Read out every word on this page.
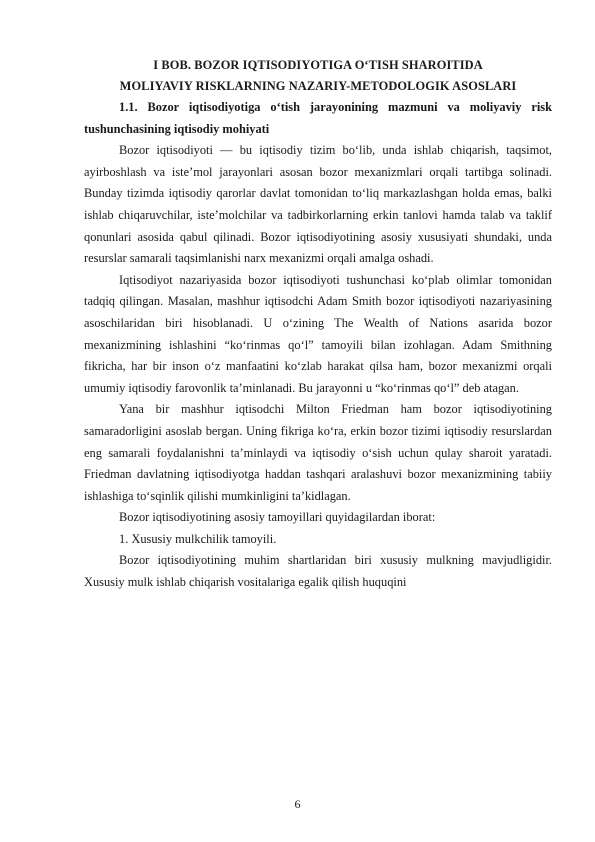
I BOB. BOZOR IQTISODIYOTIGA O‘TISH SHAROITIDA

MOLIYAVIY RISKLARNING NAZARIY-METODOLOGIK ASOSLARI

1.1. Bozor iqtisodiyotiga o‘tish jarayonining mazmuni va moliyaviy risk tushunchasining iqtisodiy mohiyati

Bozor iqtisodiyoti — bu iqtisodiy tizim bo‘lib, unda ishlab chiqarish, taqsimot, ayirboshlash va iste’mol jarayonlari asosan bozor mexanizmlari orqali tartibga solinadi. Bunday tizimda iqtisodiy qarorlar davlat tomonidan to‘liq markazlashgan holda emas, balki ishlab chiqaruvchilar, iste’molchilar va tadbirkorlarning erkin tanlovi hamda talab va taklif qonunlari asosida qabul qilinadi. Bozor iqtisodiyotining asosiy xususiyati shundaki, unda resurslar samarali taqsimlanishi narx mexanizmi orqali amalga oshadi.

Iqtisodiyot nazariyasida bozor iqtisodiyoti tushunchasi ko‘plab olimlar tomonidan tadqiq qilingan. Masalan, mashhur iqtisodchi Adam Smith bozor iqtisodiyoti nazariyasining asoschilaridan biri hisoblanadi. U o‘zining The Wealth of Nations asarida bozor mexanizmining ishlashini “ko‘rinmas qo‘l” tamoyili bilan izohlagan. Adam Smithning fikricha, har bir inson o‘z manfaatini ko‘zlab harakat qilsa ham, bozor mexanizmi orqali umumiy iqtisodiy farovonlik ta’minlanadi. Bu jarayonni u “ko‘rinmas qo‘l” deb atagan.

Yana bir mashhur iqtisodchi Milton Friedman ham bozor iqtisodiyotining samaradorligini asoslab bergan. Uning fikriga ko‘ra, erkin bozor tizimi iqtisodiy resurslardan eng samarali foydalanishni ta’minlaydi va iqtisodiy o‘sish uchun qulay sharoit yaratadi. Friedman davlatning iqtisodiyotga haddan tashqari aralashuvi bozor mexanizmining tabiiy ishlashiga to‘sqinlik qilishi mumkinligini ta’kidlagan.

Bozor iqtisodiyotining asosiy tamoyillari quyidagilardan iborat:

1. Xususiy mulkchilik tamoyili.

Bozor iqtisodiyotining muhim shartlaridan biri xususiy mulkning mavjudligidir. Xususiy mulk ishlab chiqarish vositalariga egalik qilish huquqini

6
